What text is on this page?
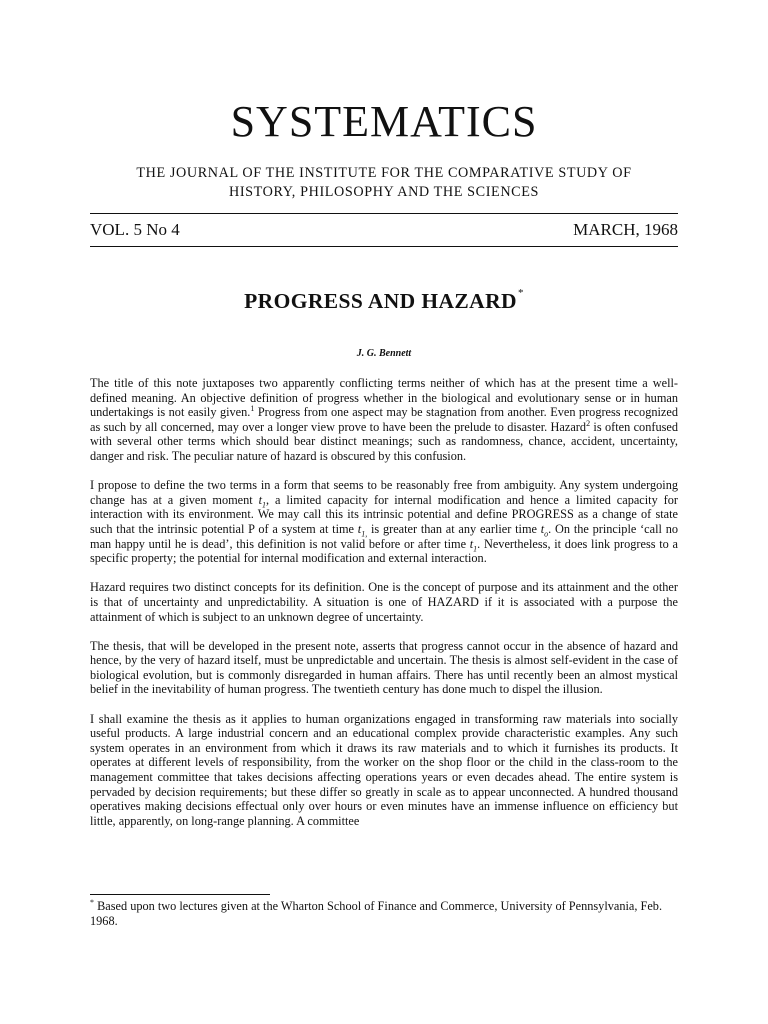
SYSTEMATICS
THE JOURNAL OF THE INSTITUTE FOR THE COMPARATIVE STUDY OF
HISTORY, PHILOSOPHY AND THE SCIENCES
VOL. 5 No 4	MARCH, 1968
PROGRESS AND HAZARD*
J. G. Bennett

The title of this note juxtaposes two apparently conflicting terms neither of which has at the present time a well-defined meaning. An objective definition of progress whether in the biological and evolutionary sense or in human undertakings is not easily given.$^1$ Progress from one aspect may be stagnation from another. Even progress recognized as such by all concerned, may over a longer view prove to have been the prelude to disaster. Hazard$^2$ is often confused with several other terms which should bear distinct meanings; such as randomness, chance, accident, uncertainty, danger and risk. The peculiar nature of hazard is obscured by this confusion.

I propose to define the two terms in a form that seems to be reasonably free from ambiguity. Any system undergoing change has at a given moment $t_1$, a limited capacity for internal modification and hence a limited capacity for interaction with its environment. We may call this its intrinsic potential and define PROGRESS as a change of state such that the intrinsic potential P of a system at time $t_{1,}$ is greater than at any earlier time $t_o$. On the principle ‘call no man happy until he is dead’, this definition is not valid before or after time $t_1$. Nevertheless, it does link progress to a specific property; the potential for internal modification and external interaction.

Hazard requires two distinct concepts for its definition. One is the concept of purpose and its attainment and the other is that of uncertainty and unpredictability. A situation is one of HAZARD if it is associated with a purpose the attainment of which is subject to an unknown degree of uncertainty.

The thesis, that will be developed in the present note, asserts that progress cannot occur in the absence of hazard and hence, by the very of hazard itself, must be unpredictable and uncertain. The thesis is almost self-evident in the case of biological evolution, but is commonly disregarded in human affairs. There has until recently been an almost mystical belief in the inevitability of human progress. The twentieth century has done much to dispel the illusion.

I shall examine the thesis as it applies to human organizations engaged in transforming raw materials into socially useful products. A large industrial concern and an educational complex provide characteristic examples. Any such system operates in an environment from which it draws its raw materials and to which it furnishes its products. It operates at different levels of responsibility, from the worker on the shop floor or the child in the class-room to the management committee that takes decisions affecting operations years or even decades ahead. The entire system is pervaded by decision requirements; but these differ so greatly in scale as to appear unconnected. A hundred thousand operatives making decisions effectual only over hours or even minutes have an immense influence on efficiency but little, apparently, on long-range planning. A committee

* Based upon two lectures given at the Wharton School of Finance and Commerce, University of Pennsylvania, Feb. 1968.
